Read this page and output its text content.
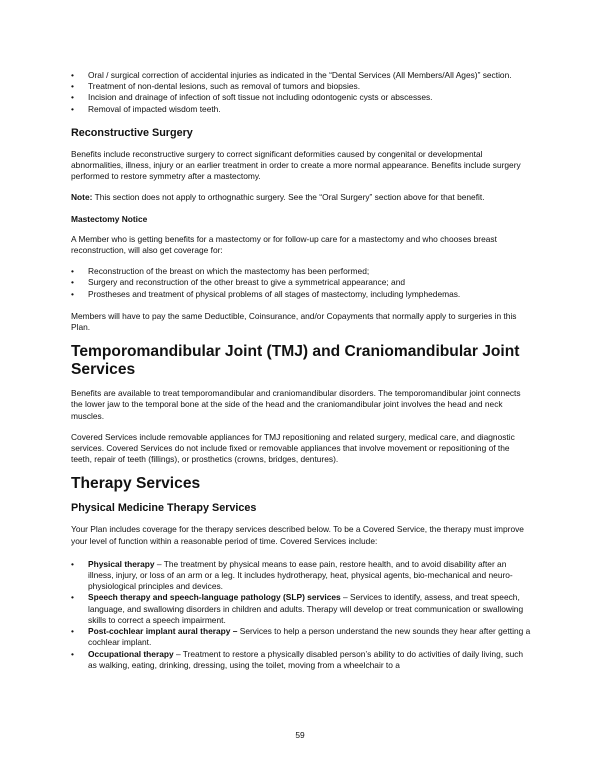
• Oral / surgical correction of accidental injuries as indicated in the “Dental Services (All Members/All Ages)” section.
• Treatment of non-dental lesions, such as removal of tumors and biopsies.
• Incision and drainage of infection of soft tissue not including odontogenic cysts or abscesses.
• Removal of impacted wisdom teeth.
Reconstructive Surgery

Benefits include reconstructive surgery to correct significant deformities caused by congenital or developmental abnormalities, illness, injury or an earlier treatment in order to create a more normal appearance. Benefits include surgery performed to restore symmetry after a mastectomy.

Note: This section does not apply to orthognathic surgery. See the “Oral Surgery” section above for that benefit.

Mastectomy Notice

A Member who is getting benefits for a mastectomy or for follow-up care for a mastectomy and who chooses breast reconstruction, will also get coverage for:

• Reconstruction of the breast on which the mastectomy has been performed;
• Surgery and reconstruction of the other breast to give a symmetrical appearance; and
• Prostheses and treatment of physical problems of all stages of mastectomy, including lymphedemas.

Members will have to pay the same Deductible, Coinsurance, and/or Copayments that normally apply to surgeries in this Plan.

Temporomandibular Joint (TMJ) and Craniomandibular Joint Services

Benefits are available to treat temporomandibular and craniomandibular disorders. The temporomandibular joint connects the lower jaw to the temporal bone at the side of the head and the craniomandibular joint involves the head and neck muscles.

Covered Services include removable appliances for TMJ repositioning and related surgery, medical care, and diagnostic services. Covered Services do not include fixed or removable appliances that involve movement or repositioning of the teeth, repair of teeth (fillings), or prosthetics (crowns, bridges, dentures).

Therapy Services
Physical Medicine Therapy Services

Your Plan includes coverage for the therapy services described below. To be a Covered Service, the therapy must improve your level of function within a reasonable period of time. Covered Services include:

• Physical therapy – The treatment by physical means to ease pain, restore health, and to avoid disability after an illness, injury, or loss of an arm or a leg. It includes hydrotherapy, heat, physical agents, bio-mechanical and neuro-physiological principles and devices.
• Speech therapy and speech-language pathology (SLP) services – Services to identify, assess, and treat speech, language, and swallowing disorders in children and adults. Therapy will develop or treat communication or swallowing skills to correct a speech impairment.
• Post-cochlear implant aural therapy – Services to help a person understand the new sounds they hear after getting a cochlear implant.
• Occupational therapy – Treatment to restore a physically disabled person’s ability to do activities of daily living, such as walking, eating, drinking, dressing, using the toilet, moving from a wheelchair to a
59
